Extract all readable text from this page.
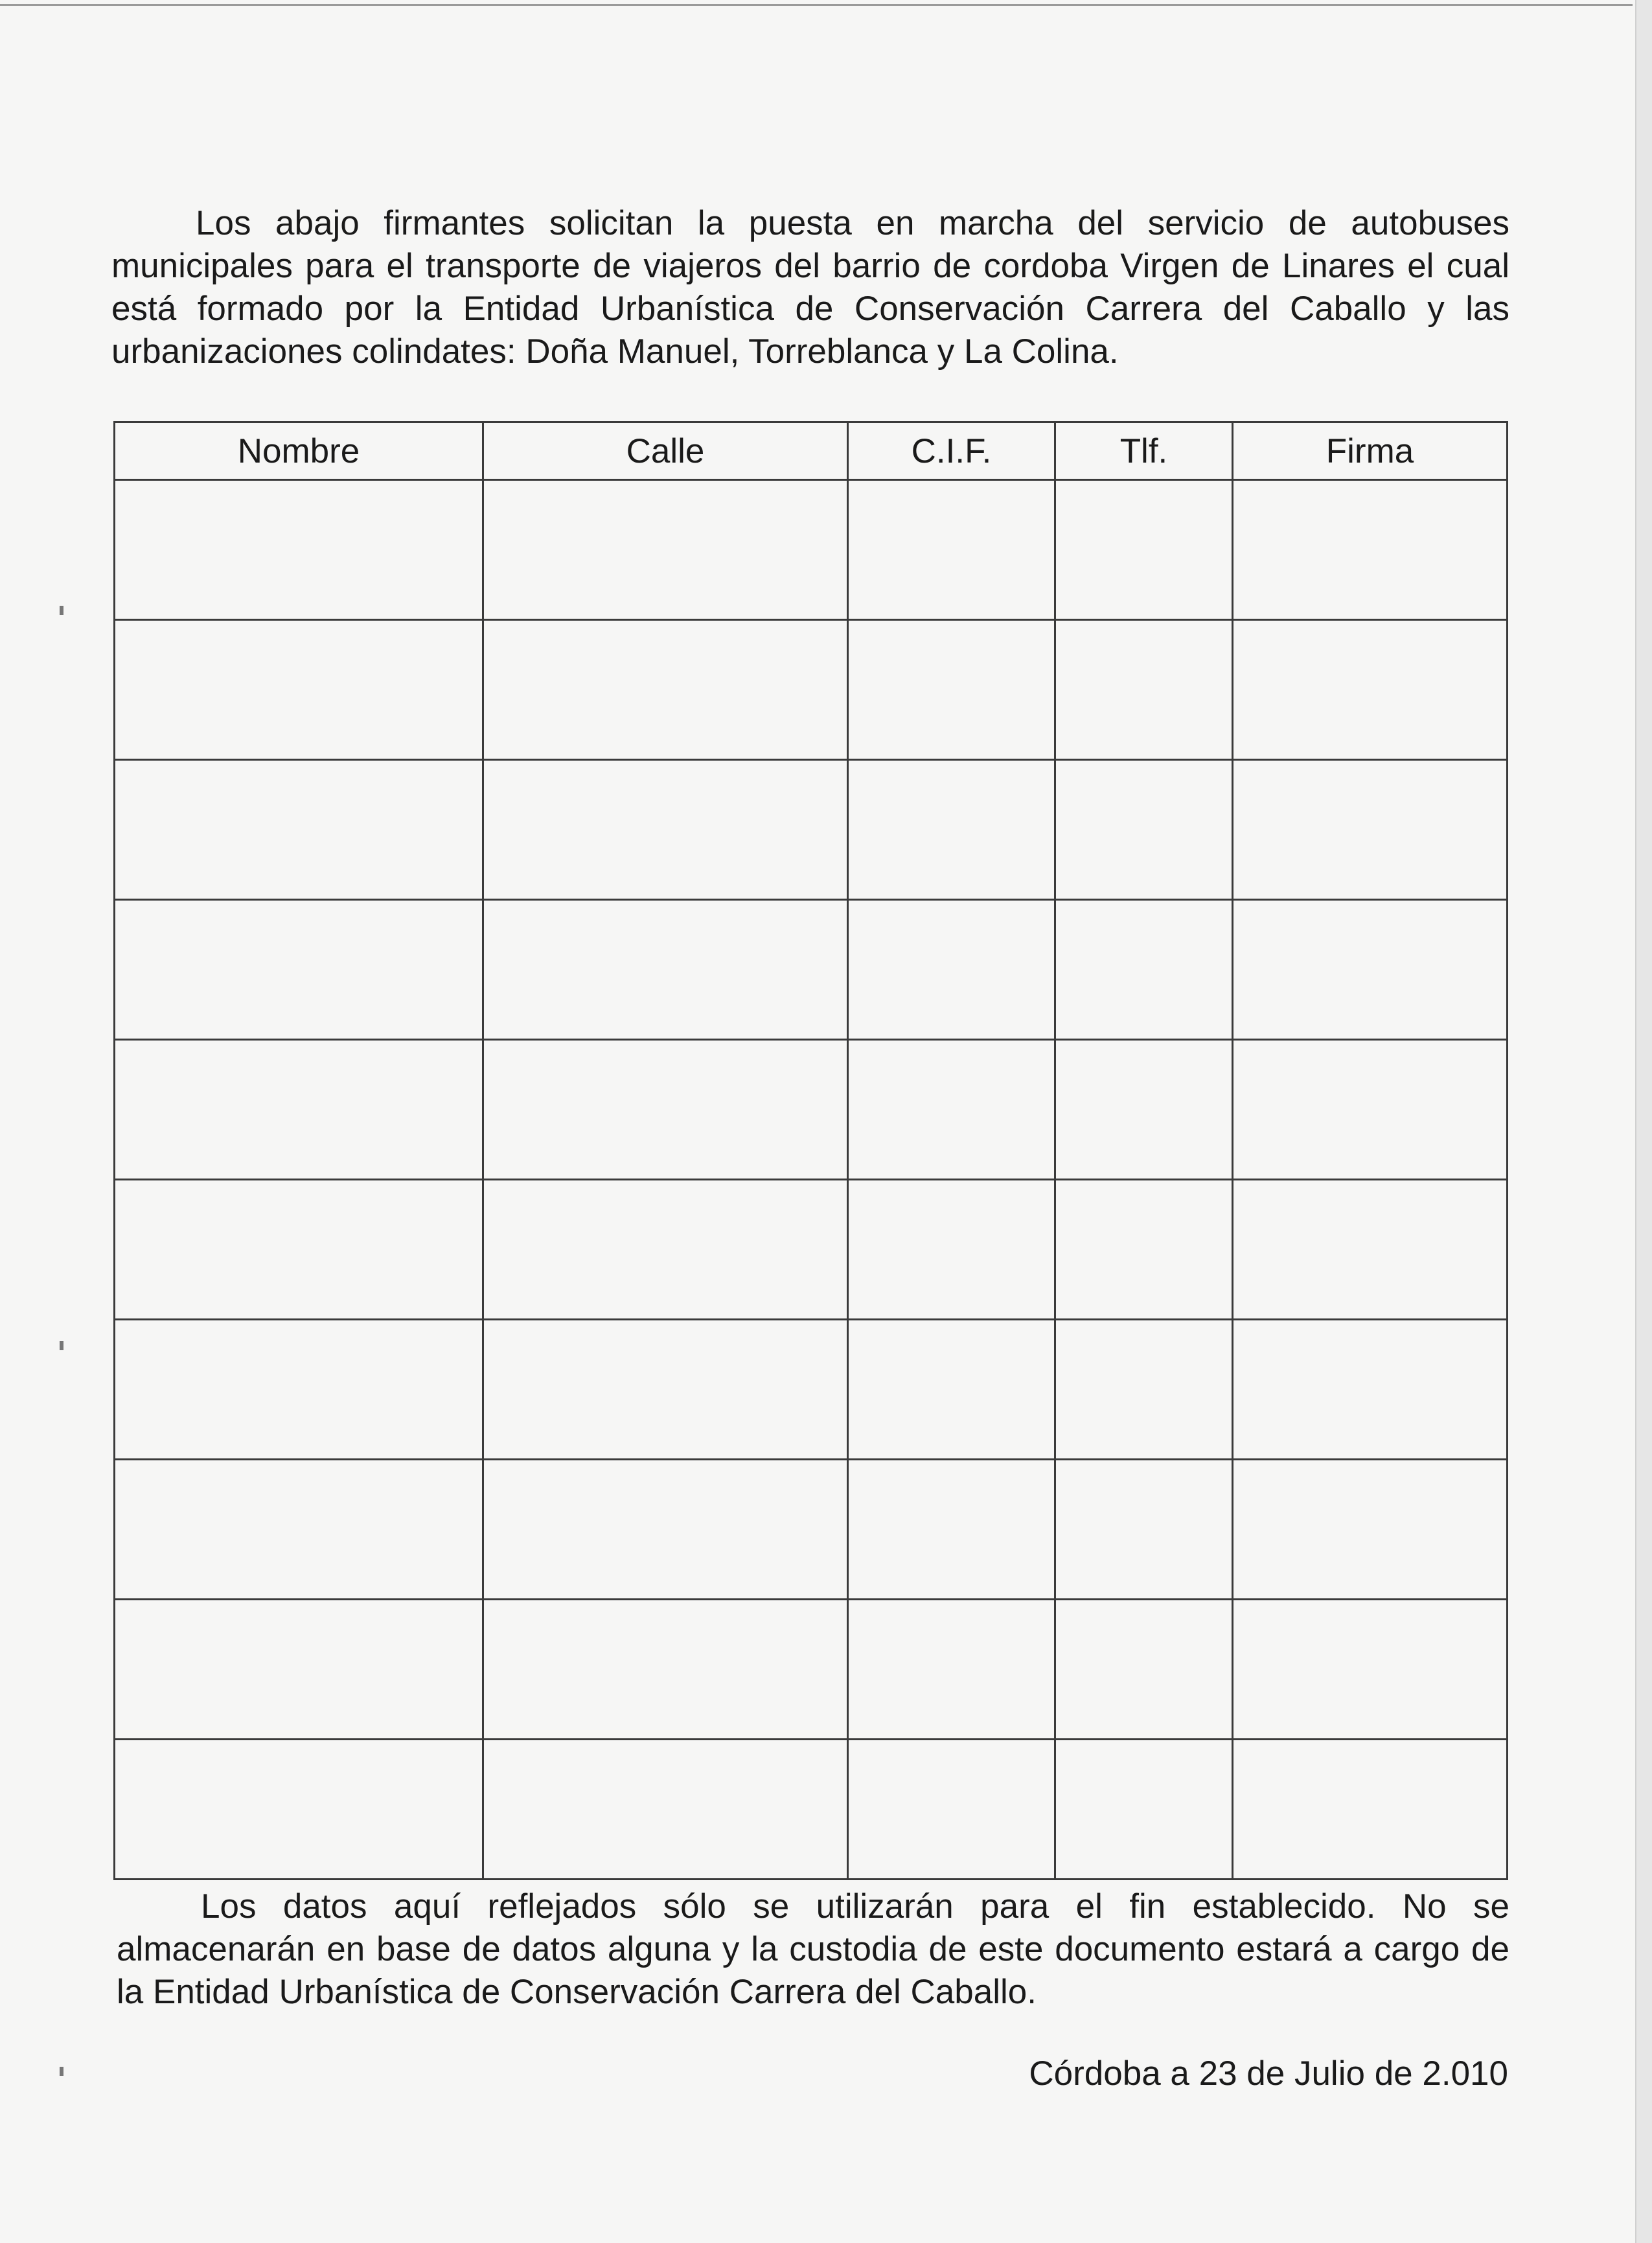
Los abajo firmantes solicitan la puesta en marcha del servicio de autobuses municipales para el transporte de viajeros del barrio de cordoba Virgen de Linares el cual está formado por la Entidad Urbanística de Conservación Carrera del Caballo y las urbanizaciones colindates: Doña Manuel, Torreblanca y La Colina.

Nombre	Calle	C.I.F.	Tlf.	Firma

Los datos aquí reflejados sólo se utilizarán para el fin establecido. No se almacenarán en base de datos alguna y la custodia de este documento estará a cargo de la Entidad Urbanística de Conservación Carrera del Caballo.

Córdoba a 23 de Julio de 2.010
